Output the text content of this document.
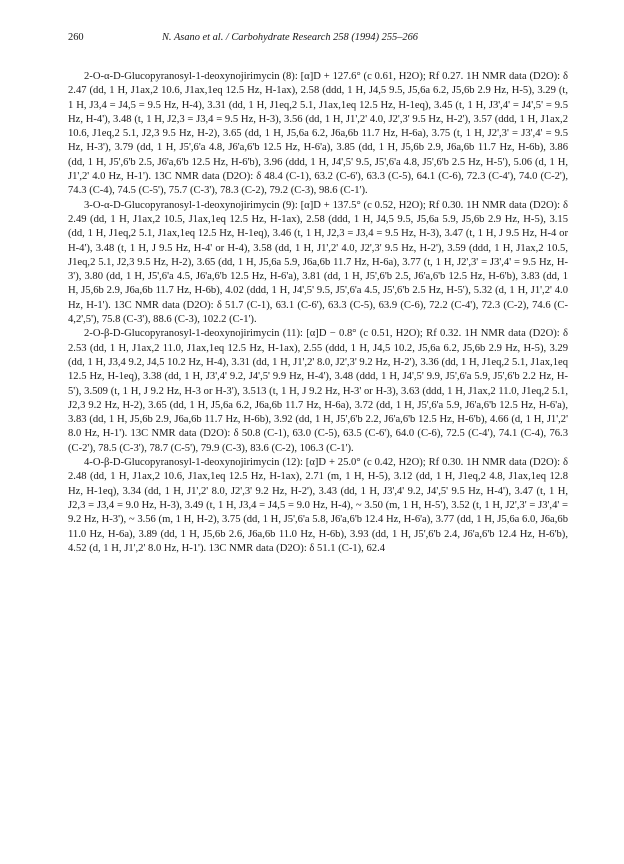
260	N. Asano et al. / Carbohydrate Research 258 (1994) 255–266

2-O-α-D-Glucopyranosyl-1-deoxynojirimycin (8): [α]D + 127.6° (c 0.61, H2O); Rf 0.27. 1H NMR data (D2O): δ 2.47 (dd, 1 H, J1ax,2 10.6, J1ax,1eq 12.5 Hz, H-1ax), 2.58 (ddd, 1 H, J4,5 9.5, J5,6a 6.2, J5,6b 2.9 Hz, H-5), 3.29 (t, 1 H, J3,4 = J4,5 = 9.5 Hz, H-4), 3.31 (dd, 1 H, J1eq,2 5.1, J1ax,1eq 12.5 Hz, H-1eq), 3.45 (t, 1 H, J3',4' = J4',5' = 9.5 Hz, H-4'), 3.48 (t, 1 H, J2,3 = J3,4 = 9.5 Hz, H-3), 3.56 (dd, 1 H, J1',2' 4.0, J2',3' 9.5 Hz, H-2'), 3.57 (ddd, 1 H, J1ax,2 10.6, J1eq,2 5.1, J2,3 9.5 Hz, H-2), 3.65 (dd, 1 H, J5,6a 6.2, J6a,6b 11.7 Hz, H-6a), 3.75 (t, 1 H, J2',3' = J3',4' = 9.5 Hz, H-3'), 3.79 (dd, 1 H, J5',6'a 4.8, J6'a,6'b 12.5 Hz, H-6'a), 3.85 (dd, 1 H, J5,6b 2.9, J6a,6b 11.7 Hz, H-6b), 3.86 (dd, 1 H, J5',6'b 2.5, J6'a,6'b 12.5 Hz, H-6'b), 3.96 (ddd, 1 H, J4',5' 9.5, J5',6'a 4.8, J5',6'b 2.5 Hz, H-5'), 5.06 (d, 1 H, J1',2' 4.0 Hz, H-1'). 13C NMR data (D2O): δ 48.4 (C-1), 63.2 (C-6'), 63.3 (C-5), 64.1 (C-6), 72.3 (C-4'), 74.0 (C-2'), 74.3 (C-4), 74.5 (C-5'), 75.7 (C-3'), 78.3 (C-2), 79.2 (C-3), 98.6 (C-1').

3-O-α-D-Glucopyranosyl-1-deoxynojirimycin (9): [α]D + 137.5° (c 0.52, H2O); Rf 0.30. 1H NMR data (D2O): δ 2.49 (dd, 1 H, J1ax,2 10.5, J1ax,1eq 12.5 Hz, H-1ax), 2.58 (ddd, 1 H, J4,5 9.5, J5,6a 5.9, J5,6b 2.9 Hz, H-5), 3.15 (dd, 1 H, J1eq,2 5.1, J1ax,1eq 12.5 Hz, H-1eq), 3.46 (t, 1 H, J2,3 = J3,4 = 9.5 Hz, H-3), 3.47 (t, 1 H, J 9.5 Hz, H-4 or H-4'), 3.48 (t, 1 H, J 9.5 Hz, H-4' or H-4), 3.58 (dd, 1 H, J1',2' 4.0, J2',3' 9.5 Hz, H-2'), 3.59 (ddd, 1 H, J1ax,2 10.5, J1eq,2 5.1, J2,3 9.5 Hz, H-2), 3.65 (dd, 1 H, J5,6a 5.9, J6a,6b 11.7 Hz, H-6a), 3.77 (t, 1 H, J2',3' = J3',4' = 9.5 Hz, H-3'), 3.80 (dd, 1 H, J5',6'a 4.5, J6'a,6'b 12.5 Hz, H-6'a), 3.81 (dd, 1 H, J5',6'b 2.5, J6'a,6'b 12.5 Hz, H-6'b), 3.83 (dd, 1 H, J5,6b 2.9, J6a,6b 11.7 Hz, H-6b), 4.02 (ddd, 1 H, J4',5' 9.5, J5',6'a 4.5, J5',6'b 2.5 Hz, H-5'), 5.32 (d, 1 H, J1',2' 4.0 Hz, H-1'). 13C NMR data (D2O): δ 51.7 (C-1), 63.1 (C-6'), 63.3 (C-5), 63.9 (C-6), 72.2 (C-4'), 72.3 (C-2), 74.6 (C-4,2',5'), 75.8 (C-3'), 88.6 (C-3), 102.2 (C-1').

2-O-β-D-Glucopyranosyl-1-deoxynojirimycin (11): [α]D − 0.8° (c 0.51, H2O); Rf 0.32. 1H NMR data (D2O): δ 2.53 (dd, 1 H, J1ax,2 11.0, J1ax,1eq 12.5 Hz, H-1ax), 2.55 (ddd, 1 H, J4,5 10.2, J5,6a 6.2, J5,6b 2.9 Hz, H-5), 3.29 (dd, 1 H, J3,4 9.2, J4,5 10.2 Hz, H-4), 3.31 (dd, 1 H, J1',2' 8.0, J2',3' 9.2 Hz, H-2'), 3.36 (dd, 1 H, J1eq,2 5.1, J1ax,1eq 12.5 Hz, H-1eq), 3.38 (dd, 1 H, J3',4' 9.2, J4',5' 9.9 Hz, H-4'), 3.48 (ddd, 1 H, J4',5' 9.9, J5',6'a 5.9, J5',6'b 2.2 Hz, H-5'), 3.509 (t, 1 H, J 9.2 Hz, H-3 or H-3'), 3.513 (t, 1 H, J 9.2 Hz, H-3' or H-3), 3.63 (ddd, 1 H, J1ax,2 11.0, J1eq,2 5.1, J2,3 9.2 Hz, H-2), 3.65 (dd, 1 H, J5,6a 6.2, J6a,6b 11.7 Hz, H-6a), 3.72 (dd, 1 H, J5',6'a 5.9, J6'a,6'b 12.5 Hz, H-6'a), 3.83 (dd, 1 H, J5,6b 2.9, J6a,6b 11.7 Hz, H-6b), 3.92 (dd, 1 H, J5',6'b 2.2, J6'a,6'b 12.5 Hz, H-6'b), 4.66 (d, 1 H, J1',2' 8.0 Hz, H-1'). 13C NMR data (D2O): δ 50.8 (C-1), 63.0 (C-5), 63.5 (C-6'), 64.0 (C-6), 72.5 (C-4'), 74.1 (C-4), 76.3 (C-2'), 78.5 (C-3'), 78.7 (C-5'), 79.9 (C-3), 83.6 (C-2), 106.3 (C-1').

4-O-β-D-Glucopyranosyl-1-deoxynojirimycin (12): [α]D + 25.0° (c 0.42, H2O); Rf 0.30. 1H NMR data (D2O): δ 2.48 (dd, 1 H, J1ax,2 10.6, J1ax,1eq 12.5 Hz, H-1ax), 2.71 (m, 1 H, H-5), 3.12 (dd, 1 H, J1eq,2 4.8, J1ax,1eq 12.8 Hz, H-1eq), 3.34 (dd, 1 H, J1',2' 8.0, J2',3' 9.2 Hz, H-2'), 3.43 (dd, 1 H, J3',4' 9.2, J4',5' 9.5 Hz, H-4'), 3.47 (t, 1 H, J2,3 = J3,4 = 9.0 Hz, H-3), 3.49 (t, 1 H, J3,4 = J4,5 = 9.0 Hz, H-4), ~ 3.50 (m, 1 H, H-5'), 3.52 (t, 1 H, J2',3' = J3',4' = 9.2 Hz, H-3'), ~ 3.56 (m, 1 H, H-2), 3.75 (dd, 1 H, J5',6'a 5.8, J6'a,6'b 12.4 Hz, H-6'a), 3.77 (dd, 1 H, J5,6a 6.0, J6a,6b 11.0 Hz, H-6a), 3.89 (dd, 1 H, J5,6b 2.6, J6a,6b 11.0 Hz, H-6b), 3.93 (dd, 1 H, J5',6'b 2.4, J6'a,6'b 12.4 Hz, H-6'b), 4.52 (d, 1 H, J1',2' 8.0 Hz, H-1'). 13C NMR data (D2O): δ 51.1 (C-1), 62.4
